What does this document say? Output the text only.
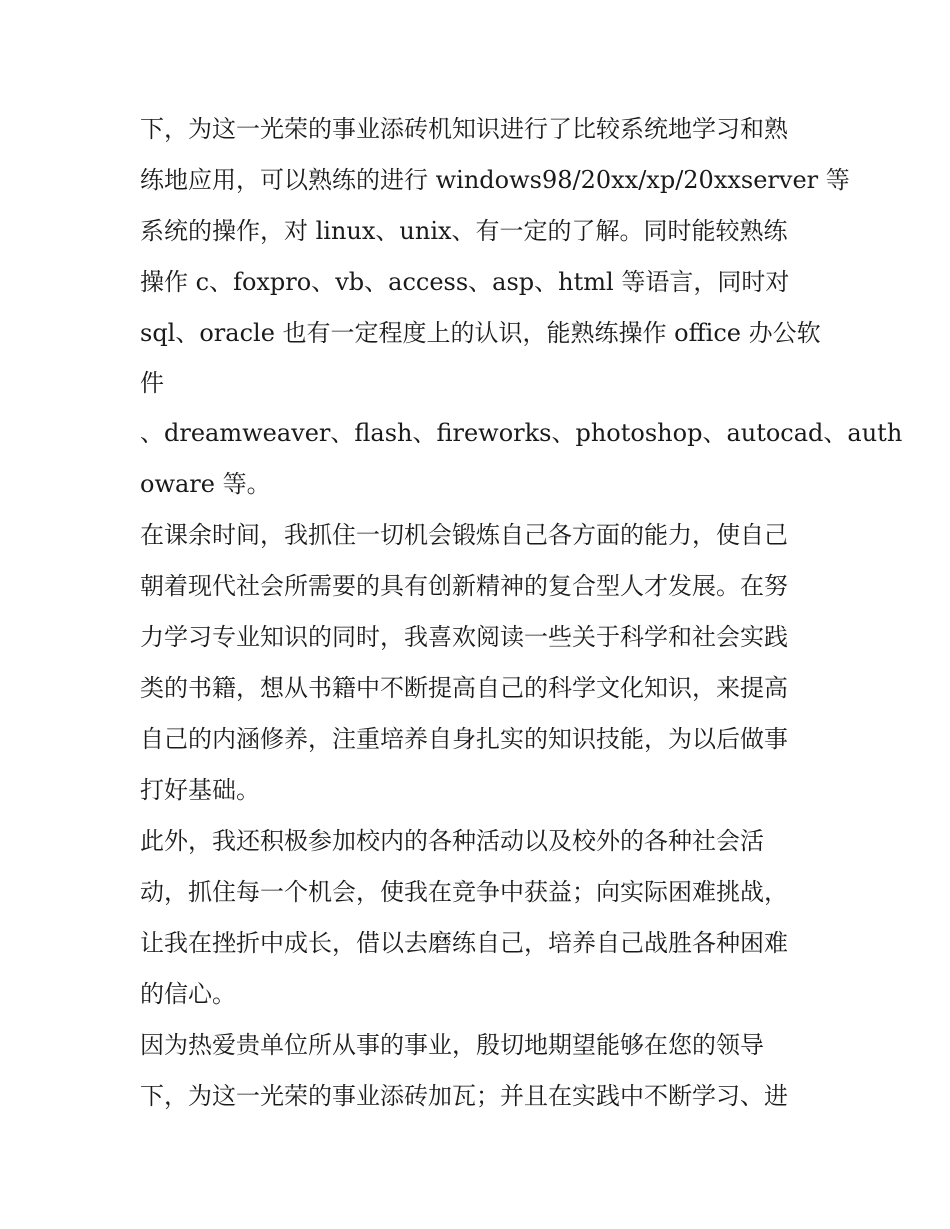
下，为这一光荣的事业添砖机知识进行了比较系统地学习和熟
练地应用，可以熟练的进行 windows98/20xx/xp/20xxserver 等
系统的操作，对 linux、unix、有一定的了解。同时能较熟练
操作 c、foxpro、vb、access、asp、html 等语言，同时对
sql、oracle 也有一定程度上的认识，能熟练操作 office 办公软
件
、dreamweaver、flash、fireworks、photoshop、autocad、auth
oware 等。
在课余时间，我抓住一切机会锻炼自己各方面的能力，使自己
朝着现代社会所需要的具有创新精神的复合型人才发展。在努
力学习专业知识的同时，我喜欢阅读一些关于科学和社会实践
类的书籍，想从书籍中不断提高自己的科学文化知识，来提高
自己的内涵修养，注重培养自身扎实的知识技能，为以后做事
打好基础。
此外，我还积极参加校内的各种活动以及校外的各种社会活
动，抓住每一个机会，使我在竞争中获益；向实际困难挑战，
让我在挫折中成长，借以去磨练自己，培养自己战胜各种困难
的信心。
因为热爱贵单位所从事的事业，殷切地期望能够在您的领导
下，为这一光荣的事业添砖加瓦；并且在实践中不断学习、进
